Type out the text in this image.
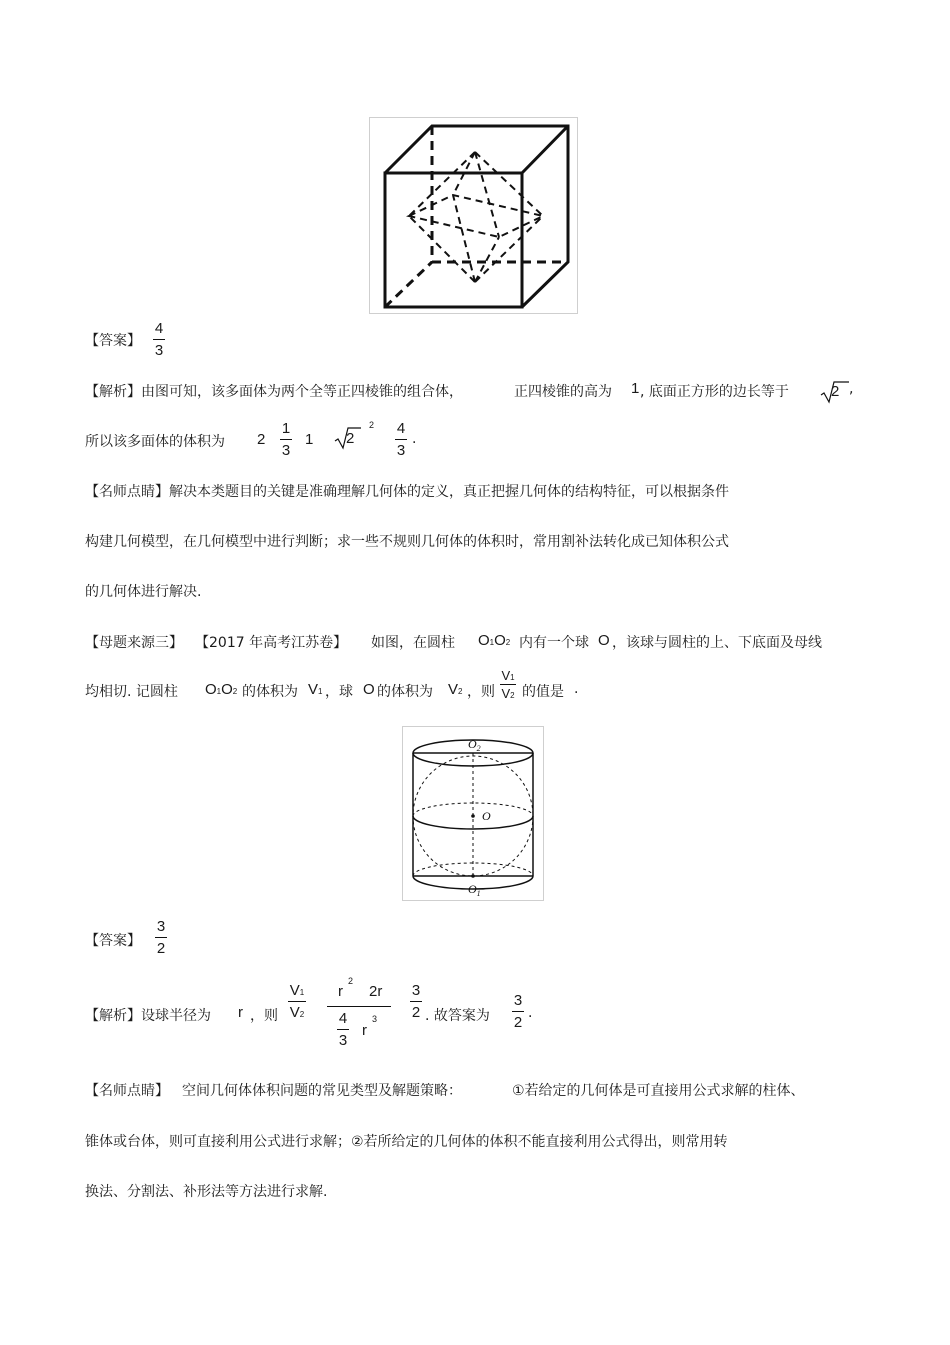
【答案】
4
3
【解析】 由图可知，该多面体为两个全等正四棱锥的组合体，	正四棱锥的高为 1 , 底面正方形的边长等于	2 ,
所以该多面体的体积为 2
1
3
1 2
2 4
3
.
【名师点睛】 解决本类题目的关键是准确理解几何体的定义，真正把握几何体的结构特征，可以根据条件
构建几何模型，在几何模型中进行判断；求一些不规则几何体的体积时，常用割补法转化成已知体积公式
的几何体进行解决.
【母题来源三】 【2017 年高考江苏卷】 如图，在圆柱 O1O2 内有一个球 O ，该球与圆柱的上、下底面及母线
均相切. 记圆柱 O1O2 的体积为 V1 ，球 O 的体积为 V2 ，则
V1
V2 的值是 .
$O_2$
O
$O_1$
【答案】
3
2
【解析】 设球半径为 r ，则
V1
V2
r
2
2r
4
3
r
3
3
2 . 故答案为
3
2
.
【名师点睛】 空间几何体体积问题的常见类型及解题策略：	①若给定的几何体是可直接用公式求解的柱体、
锥体或台体，则可直接利用公式进行求解；②若所给定的几何体的体积不能直接利用公式得出，则常用转
换法、分割法、补形法等方法进行求解.
